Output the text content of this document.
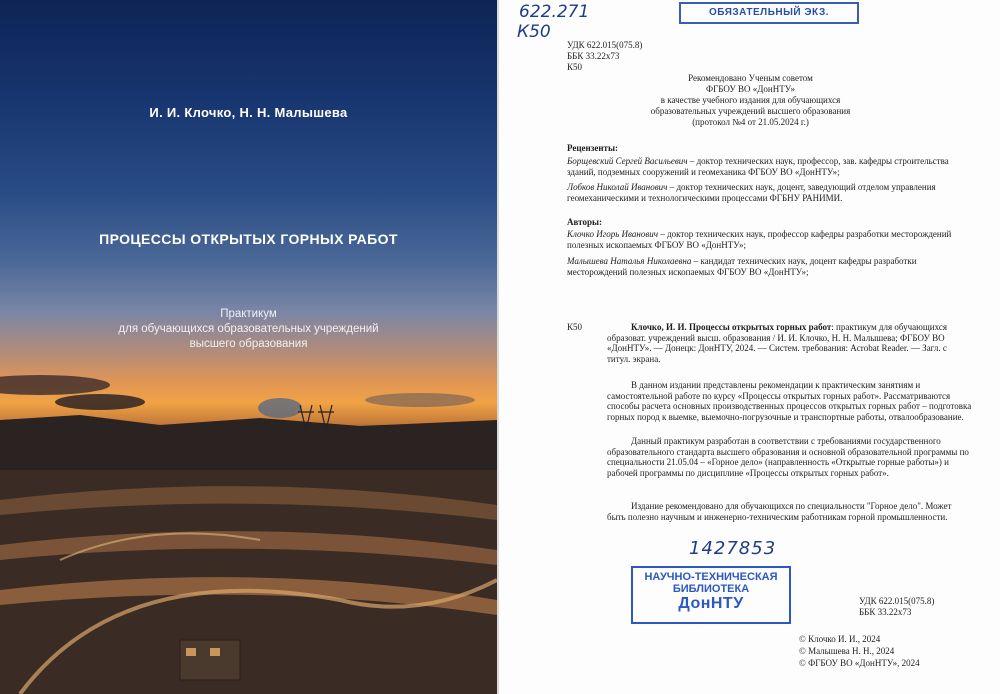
И. И. Клочко, Н. Н. Малышева
ПРОЦЕССЫ ОТКРЫТЫХ ГОРНЫХ РАБОТ
Практикум
для обучающихся образовательных учреждений
высшего образования
622.271
К50
ОБЯЗАТЕЛЬНЫЙ ЭКЗ.
УДК 622.015(075.8)
ББК 33.22х73
К50
Рекомендовано Ученым советом
ФГБОУ ВО «ДонНТУ»
в качестве учебного издания для обучающихся
образовательных учреждений высшего образования
(протокол №4 от 21.05.2024 г.)
Рецензенты:

Борщевский Сергей Васильевич – доктор технических наук, профессор, зав. кафедры строительства зданий, подземных сооружений и геомеханика ФГБОУ ВО «ДонНТУ»;

Лобков Николай Иванович – доктор технических наук, доцент, заведующий отделом управления геомеханическими и технологическими процессами ФГБНУ РАНИМИ.

Авторы:

Клочко Игорь Иванович – доктор технических наук, профессор кафедры разработки месторождений полезных ископаемых ФГБОУ ВО «ДонНТУ»;

Малышева Наталья Николаевна – кандидат технических наук, доцент кафедры разработки месторождений полезных ископаемых ФГБОУ ВО «ДонНТУ»;

К50	Клочко, И. И. Процессы открытых горных работ: практикум для обучающихся образоват. учреждений высш. образования / И. И. Клочко, Н. Н. Малышева; ФГБОУ ВО «ДонНТУ». — Донецк: ДонНТУ, 2024. — Систем. требования: Acrobat Reader. — Загл. с титул. экрана.

В данном издании представлены рекомендации к практическим занятиям и самостоятельной работе по курсу «Процессы открытых горных работ». Рассматриваются способы расчета основных производственных процессов открытых горных работ – подготовка горных пород к выемке, выемочно-погрузочные и транспортные работы, отвалообразование.

Данный практикум разработан в соответствии с требованиями государственного образовательного стандарта высшего образования и основной образовательной программы по специальности 21.05.04 – «Горное дело» (направленность «Открытые горные работы») и рабочей программы по дисциплине «Процессы открытых горных работ».

Издание рекомендовано для обучающихся по специальности "Горное дело". Может быть полезно научным и инженерно-техническим работникам горной промышленности.

1427853
НАУЧНО-ТЕХНИЧЕСКАЯ
БИБЛИОТЕКА
ДонНТУ	УДК 622.015(075.8)
ББК 33.22х73
© Клочко И. И., 2024
© Малышева Н. Н., 2024
© ФГБОУ ВО «ДонНТУ», 2024
